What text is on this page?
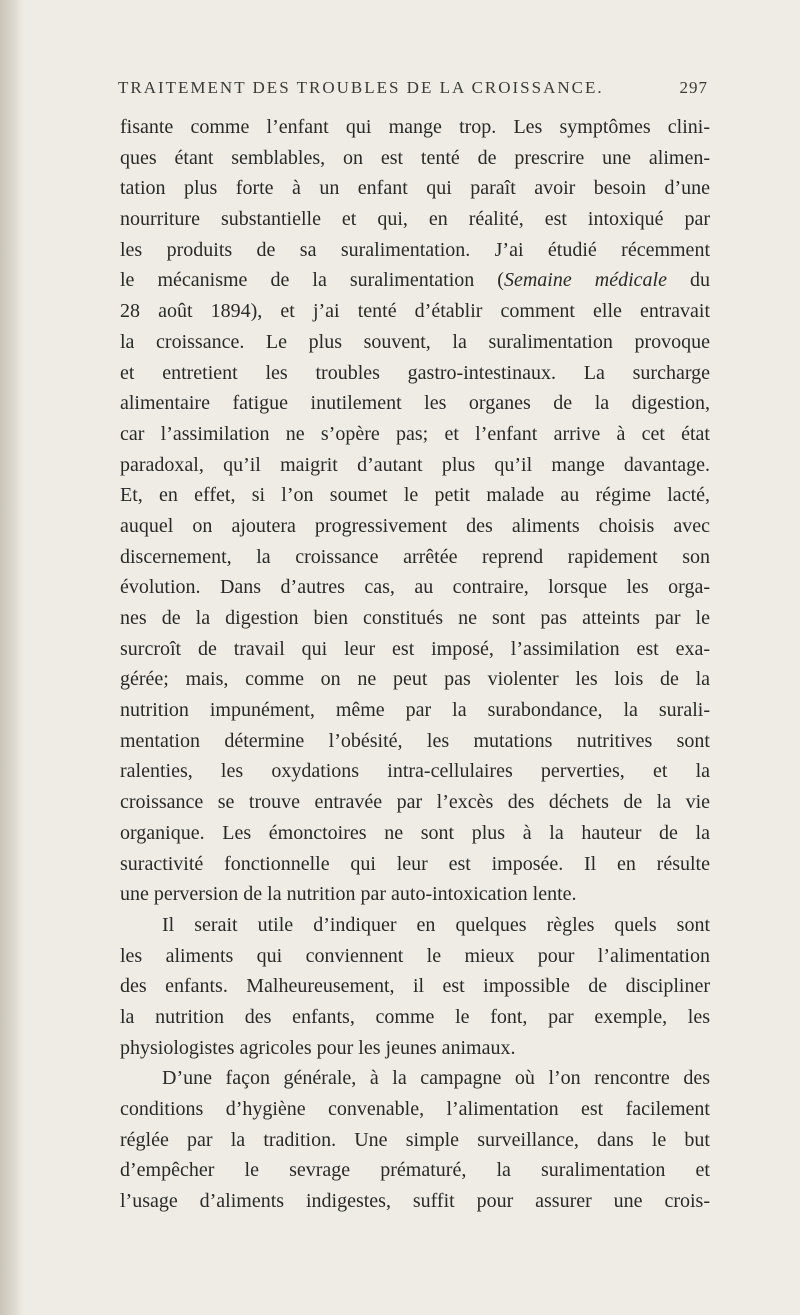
TRAITEMENT DES TROUBLES DE LA CROISSANCE.	297
fisante comme l’enfant qui mange trop. Les symptômes clini-
ques étant semblables, on est tenté de prescrire une alimen-
tation plus forte à un enfant qui paraît avoir besoin d’une
nourriture substantielle et qui, en réalité, est intoxiqué par
les produits de sa suralimentation. J’ai étudié récemment
le mécanisme de la suralimentation (Semaine médicale du
28 août 1894), et j’ai tenté d’établir comment elle entravait
la croissance. Le plus souvent, la suralimentation provoque
et entretient les troubles gastro-intestinaux. La surcharge
alimentaire fatigue inutilement les organes de la digestion,
car l’assimilation ne s’opère pas; et l’enfant arrive à cet état
paradoxal, qu’il maigrit d’autant plus qu’il mange davantage.
Et, en effet, si l’on soumet le petit malade au régime lacté,
auquel on ajoutera progressivement des aliments choisis avec
discernement, la croissance arrêtée reprend rapidement son
évolution. Dans d’autres cas, au contraire, lorsque les orga-
nes de la digestion bien constitués ne sont pas atteints par le
surcroît de travail qui leur est imposé, l’assimilation est exa-
gérée; mais, comme on ne peut pas violenter les lois de la
nutrition impunément, même par la surabondance, la surali-
mentation détermine l’obésité, les mutations nutritives sont
ralenties, les oxydations intra-cellulaires perverties, et la
croissance se trouve entravée par l’excès des déchets de la vie
organique. Les émonctoires ne sont plus à la hauteur de la
suractivité fonctionnelle qui leur est imposée. Il en résulte
une perversion de la nutrition par auto-intoxication lente.
Il serait utile d’indiquer en quelques règles quels sont
les aliments qui conviennent le mieux pour l’alimentation
des enfants. Malheureusement, il est impossible de discipliner
la nutrition des enfants, comme le font, par exemple, les
physiologistes agricoles pour les jeunes animaux.
D’une façon générale, à la campagne où l’on rencontre des
conditions d’hygiène convenable, l’alimentation est facilement
réglée par la tradition. Une simple surveillance, dans le but
d’empêcher le sevrage prématuré, la suralimentation et
l’usage d’aliments indigestes, suffit pour assurer une crois-
